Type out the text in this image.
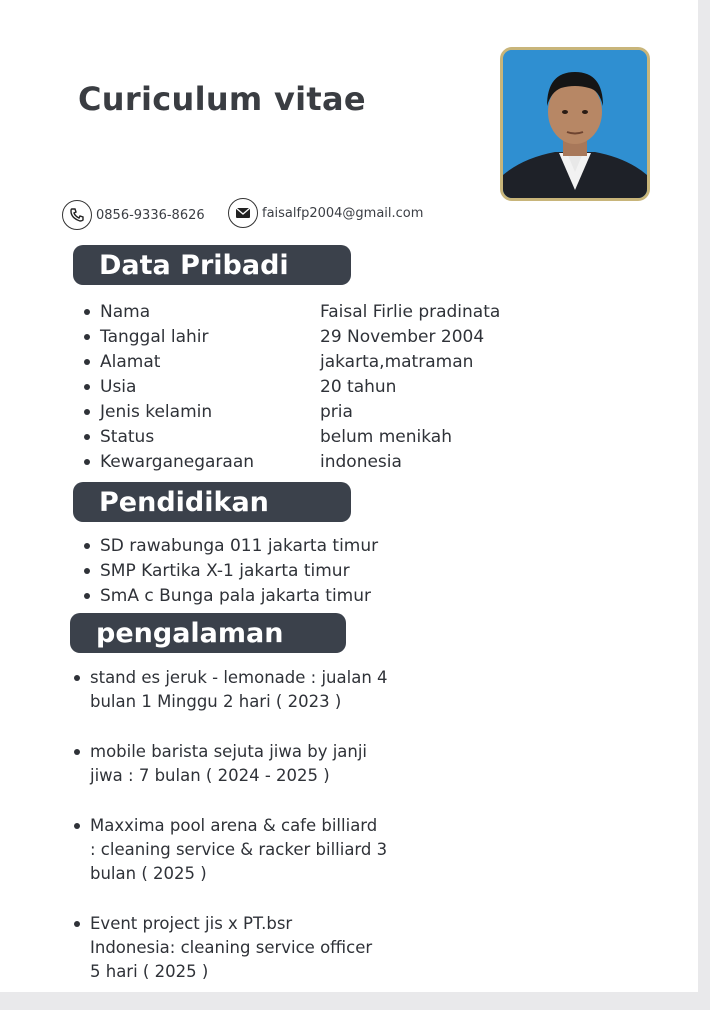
Curiculum vitae
0856-9336-8626	faisalfp2004@gmail.com
Data Pribadi
Nama	Faisal Firlie pradinata
Tanggal lahir	29 November 2004
Alamat	jakarta,matraman
Usia	20 tahun
Jenis kelamin	pria
Status	belum menikah
Kewarganegaraan	indonesia
Pendidikan
SD rawabunga 011 jakarta timur
SMP Kartika X-1 jakarta timur
SmA c Bunga pala jakarta timur
pengalaman
stand es jeruk - lemonade : jualan 4
bulan 1 Minggu 2 hari ( 2023 )
mobile barista sejuta jiwa by janji
jiwa : 7 bulan ( 2024 - 2025 )
Maxxima pool arena & cafe billiard
: cleaning service & racker billiard 3
bulan ( 2025 )
Event project jis x PT.bsr
Indonesia: cleaning service officer
5 hari ( 2025 )
